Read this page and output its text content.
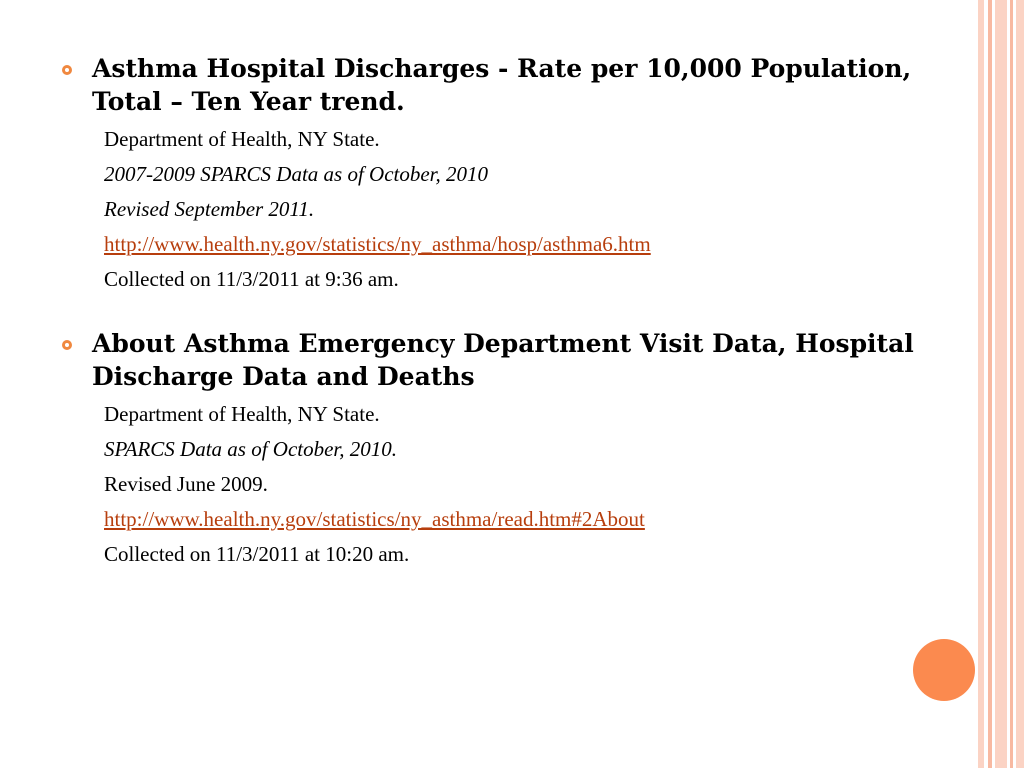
Asthma Hospital Discharges - Rate per 10,000 Population, Total – Ten Year trend.

Department of Health, NY State.
2007-2009 SPARCS Data as of October, 2010
Revised September 2011.
http://www.health.ny.gov/statistics/ny_asthma/hosp/asthma6.htm
Collected on 11/3/2011 at 9:36 am.

About Asthma Emergency Department Visit Data, Hospital Discharge Data and Deaths

Department of Health, NY State.
SPARCS Data as of October, 2010.
Revised June 2009.
http://www.health.ny.gov/statistics/ny_asthma/read.htm#2About
Collected on 11/3/2011 at 10:20 am.
